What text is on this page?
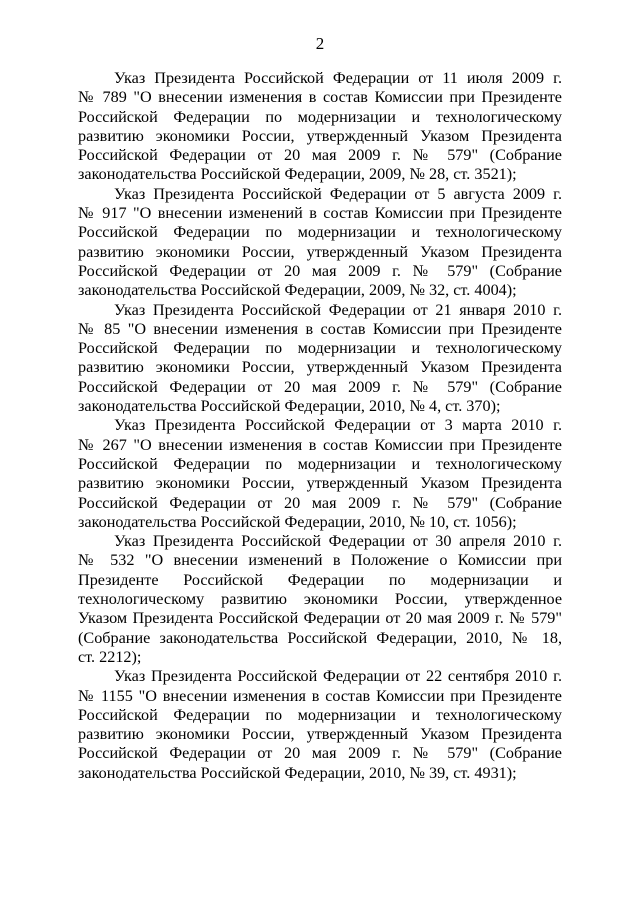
2

Указ Президента Российской Федерации от 11 июля 2009 г.
№ 789 "О внесении изменения в состав Комиссии при Президенте
Российской Федерации по модернизации и технологическому
развитию экономики России, утвержденный Указом Президента
Российской Федерации от 20 мая 2009 г. № 579" (Собрание
законодательства Российской Федерации, 2009, № 28, ст. 3521);

Указ Президента Российской Федерации от 5 августа 2009 г.
№ 917 "О внесении изменений в состав Комиссии при Президенте
Российской Федерации по модернизации и технологическому
развитию экономики России, утвержденный Указом Президента
Российской Федерации от 20 мая 2009 г. № 579" (Собрание
законодательства Российской Федерации, 2009, № 32, ст. 4004);

Указ Президента Российской Федерации от 21 января 2010 г.
№ 85 "О внесении изменения в состав Комиссии при Президенте
Российской Федерации по модернизации и технологическому
развитию экономики России, утвержденный Указом Президента
Российской Федерации от 20 мая 2009 г. № 579" (Собрание
законодательства Российской Федерации, 2010, № 4, ст. 370);

Указ Президента Российской Федерации от 3 марта 2010 г.
№ 267 "О внесении изменения в состав Комиссии при Президенте
Российской Федерации по модернизации и технологическому
развитию экономики России, утвержденный Указом Президента
Российской Федерации от 20 мая 2009 г. № 579" (Собрание
законодательства Российской Федерации, 2010, № 10, ст. 1056);

Указ Президента Российской Федерации от 30 апреля 2010 г.
№ 532 "О внесении изменений в Положение о Комиссии при
Президенте Российской Федерации по модернизации и
технологическому развитию экономики России, утвержденное
Указом Президента Российской Федерации от 20 мая 2009 г. № 579"
(Собрание законодательства Российской Федерации, 2010, № 18,
ст. 2212);

Указ Президента Российской Федерации от 22 сентября 2010 г.
№ 1155 "О внесении изменения в состав Комиссии при Президенте
Российской Федерации по модернизации и технологическому
развитию экономики России, утвержденный Указом Президента
Российской Федерации от 20 мая 2009 г. № 579" (Собрание
законодательства Российской Федерации, 2010, № 39, ст. 4931);
